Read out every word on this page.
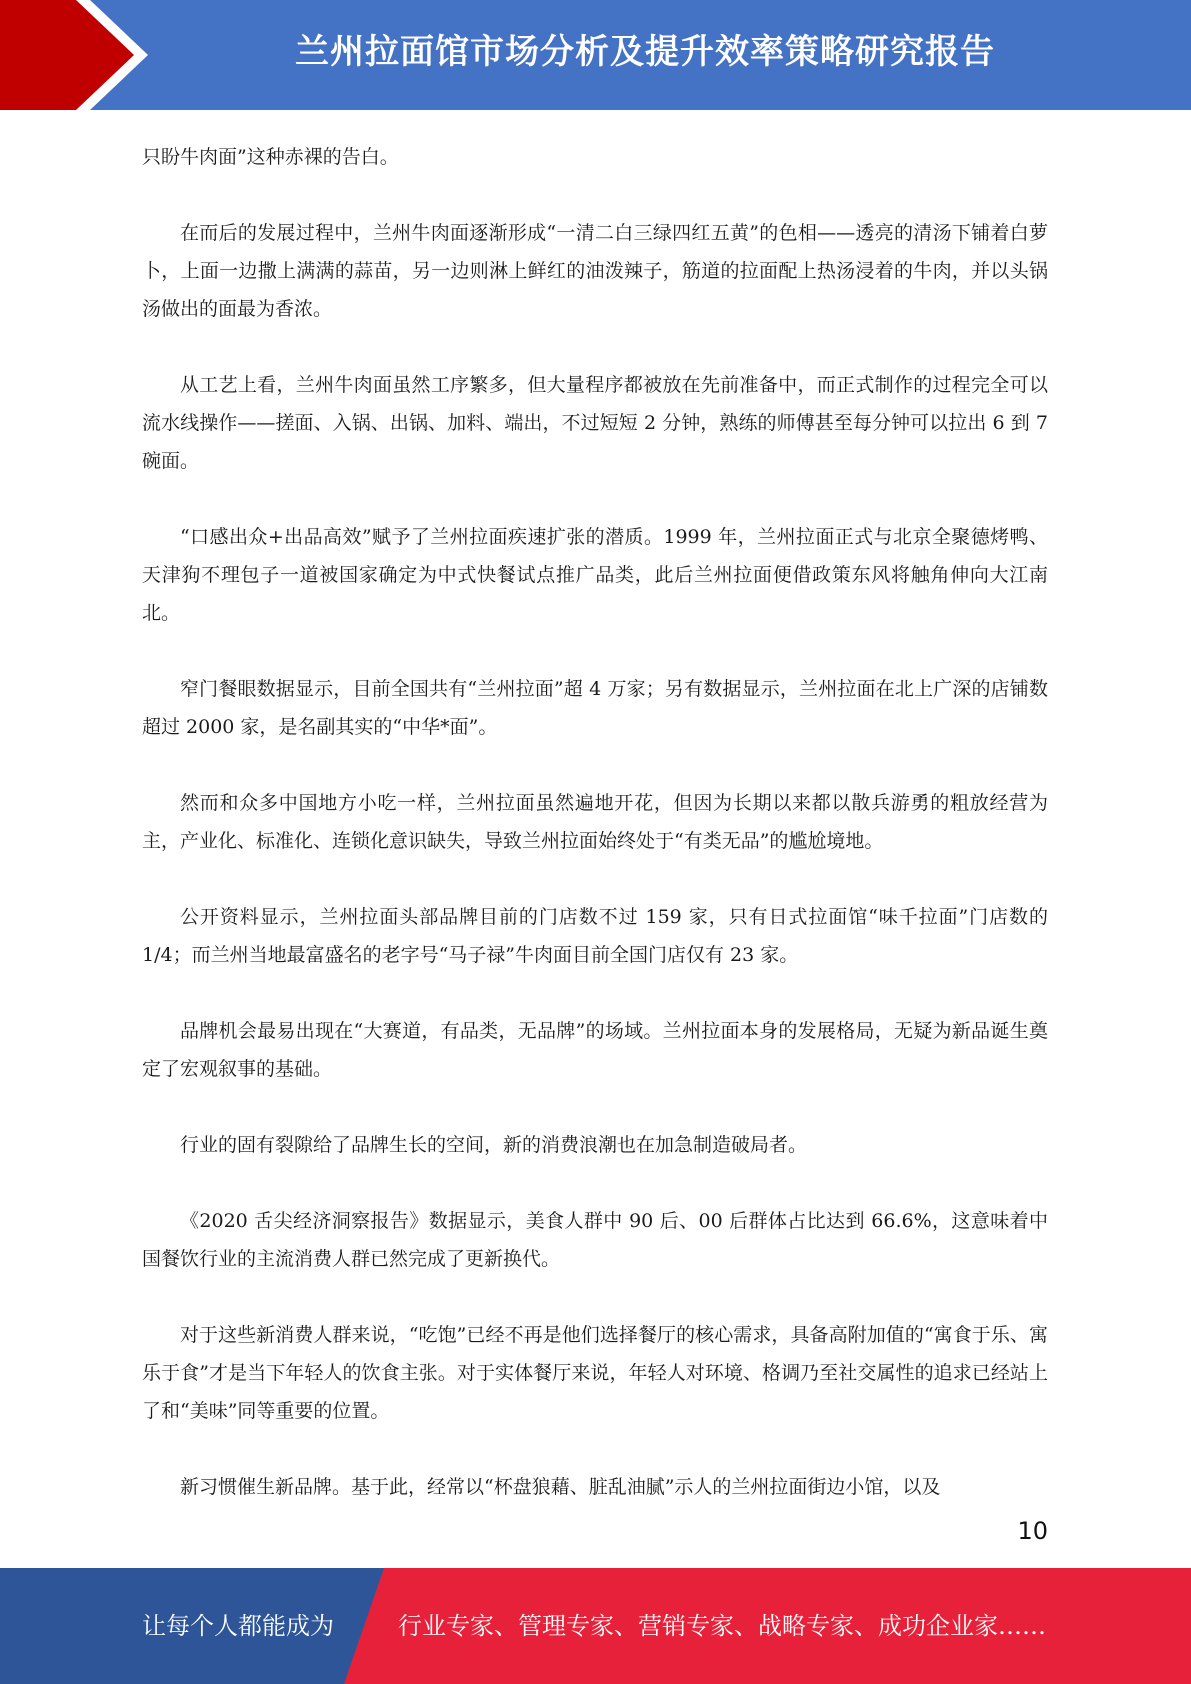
兰州拉面馆市场分析及提升效率策略研究报告

只盼牛肉面”这种赤裸的告白。

在而后的发展过程中，兰州牛肉面逐渐形成“一清二白三绿四红五黄”的色相——透亮的清汤下铺着白萝卜，上面一边撒上满满的蒜苗，另一边则淋上鲜红的油泼辣子，筋道的拉面配上热汤浸着的牛肉，并以头锅汤做出的面最为香浓。

从工艺上看，兰州牛肉面虽然工序繁多，但大量程序都被放在先前准备中，而正式制作的过程完全可以流水线操作——搓面、入锅、出锅、加料、端出，不过短短 2 分钟，熟练的师傅甚至每分钟可以拉出 6 到 7 碗面。

“口感出众+出品高效”赋予了兰州拉面疾速扩张的潜质。1999 年，兰州拉面正式与北京全聚德烤鸭、天津狗不理包子一道被国家确定为中式快餐试点推广品类，此后兰州拉面便借政策东风将触角伸向大江南北。

窄门餐眼数据显示，目前全国共有“兰州拉面”超 4 万家；另有数据显示，兰州拉面在北上广深的店铺数超过 2000 家，是名副其实的“中华*面”。

然而和众多中国地方小吃一样，兰州拉面虽然遍地开花，但因为长期以来都以散兵游勇的粗放经营为主，产业化、标准化、连锁化意识缺失，导致兰州拉面始终处于“有类无品”的尴尬境地。

公开资料显示，兰州拉面头部品牌目前的门店数不过 159 家，只有日式拉面馆“味千拉面”门店数的 1/4；而兰州当地最富盛名的老字号“马子禄”牛肉面目前全国门店仅有 23 家。

品牌机会最易出现在“大赛道，有品类，无品牌”的场域。兰州拉面本身的发展格局，无疑为新品诞生奠定了宏观叙事的基础。

行业的固有裂隙给了品牌生长的空间，新的消费浪潮也在加急制造破局者。

《2020 舌尖经济洞察报告》数据显示，美食人群中 90 后、00 后群体占比达到 66.6%，这意味着中国餐饮行业的主流消费人群已然完成了更新换代。

对于这些新消费人群来说，“吃饱”已经不再是他们选择餐厅的核心需求，具备高附加值的“寓食于乐、寓乐于食”才是当下年轻人的饮食主张。对于实体餐厅来说，年轻人对环境、格调乃至社交属性的追求已经站上了和“美味”同等重要的位置。

新习惯催生新品牌。基于此，经常以“杯盘狼藉、脏乱油腻”示人的兰州拉面街边小馆，以及

10
让每个人都能成为	行业专家、管理专家、营销专家、战略专家、成功企业家……
